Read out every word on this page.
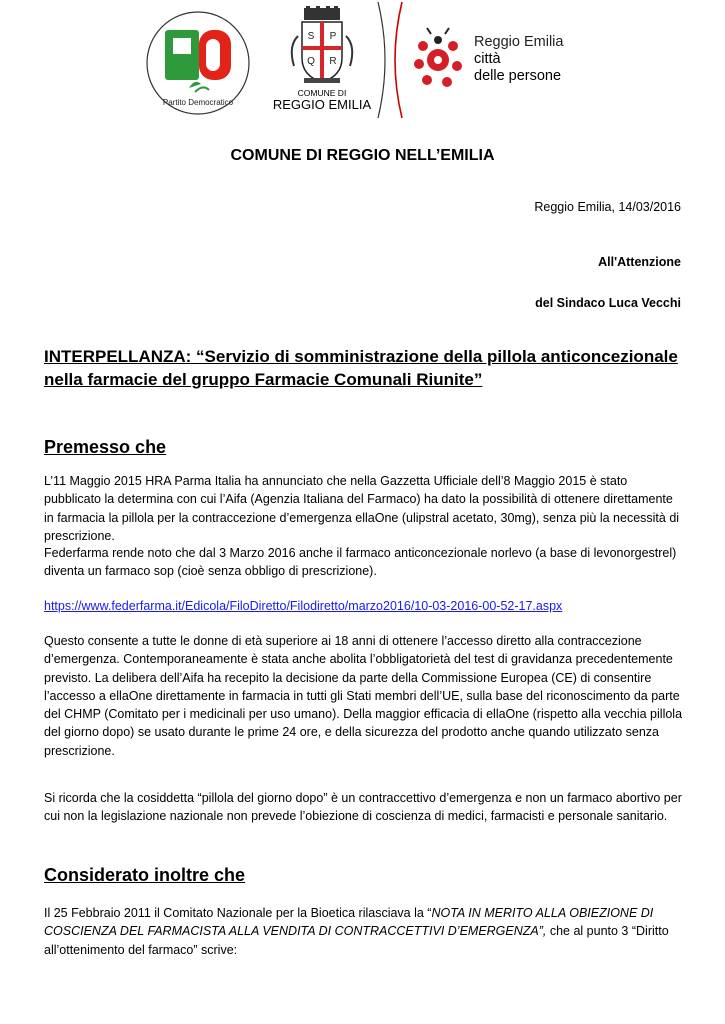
Partito Democratico
S P
Q R
COMUNE DI
REGGIO EMILIA
Reggio Emilia
città
delle persone
COMUNE DI REGGIO NELL’EMILIA
Reggio Emilia, 14/03/2016
All'Attenzione
del Sindaco Luca Vecchi
INTERPELLANZA: “Servizio di somministrazione della pillola anticoncezionale nella farmacie del gruppo Farmacie Comunali Riunite”
Premesso che
L’11 Maggio 2015 HRA Parma Italia ha annunciato che nella Gazzetta Ufficiale dell’8 Maggio 2015 è stato pubblicato la determina con cui l’Aifa (Agenzia Italiana del Farmaco) ha dato la possibilità di ottenere direttamente in farmacia la pillola per la contraccezione d’emergenza ellaOne (ulipstral acetato, 30mg), senza più la necessità di prescrizione.
Federfarma rende noto che dal 3 Marzo 2016 anche il farmaco anticoncezionale norlevo (a base di levonorgestrel) diventa un farmaco sop (cioè senza obbligo di prescrizione).
https://www.federfarma.it/Edicola/FiloDiretto/Filodiretto/marzo2016/10-03-2016-00-52-17.aspx
Questo consente a tutte le donne di età superiore ai 18 anni di ottenere l’accesso diretto alla contraccezione d’emergenza. Contemporaneamente è stata anche abolita l’obbligatorietà del test di gravidanza precedentemente previsto. La delibera dell’Aifa ha recepito la decisione da parte della Commissione Europea (CE) di consentire l’accesso a ellaOne direttamente in farmacia in tutti gli Stati membri dell’UE, sulla base del riconoscimento da parte del CHMP (Comitato per i medicinali per uso umano). Della maggior efficacia di ellaOne (rispetto alla vecchia pillola del giorno dopo) se usato durante le prime 24 ore, e della sicurezza del prodotto anche quando utilizzato senza prescrizione.
Si ricorda che la cosiddetta “pillola del giorno dopo” è un contraccettivo d’emergenza e non un farmaco abortivo per cui non la legislazione nazionale non prevede l’obiezione di coscienza di medici, farmacisti e personale sanitario.
Considerato inoltre che
Il 25 Febbraio 2011 il Comitato Nazionale per la Bioetica rilasciava la “NOTA IN MERITO ALLA OBIEZIONE DI COSCIENZA DEL FARMACISTA ALLA VENDITA DI CONTRACCETTIVI D’EMERGENZA”, che al punto 3 “Diritto all’ottenimento del farmaco” scrive:
